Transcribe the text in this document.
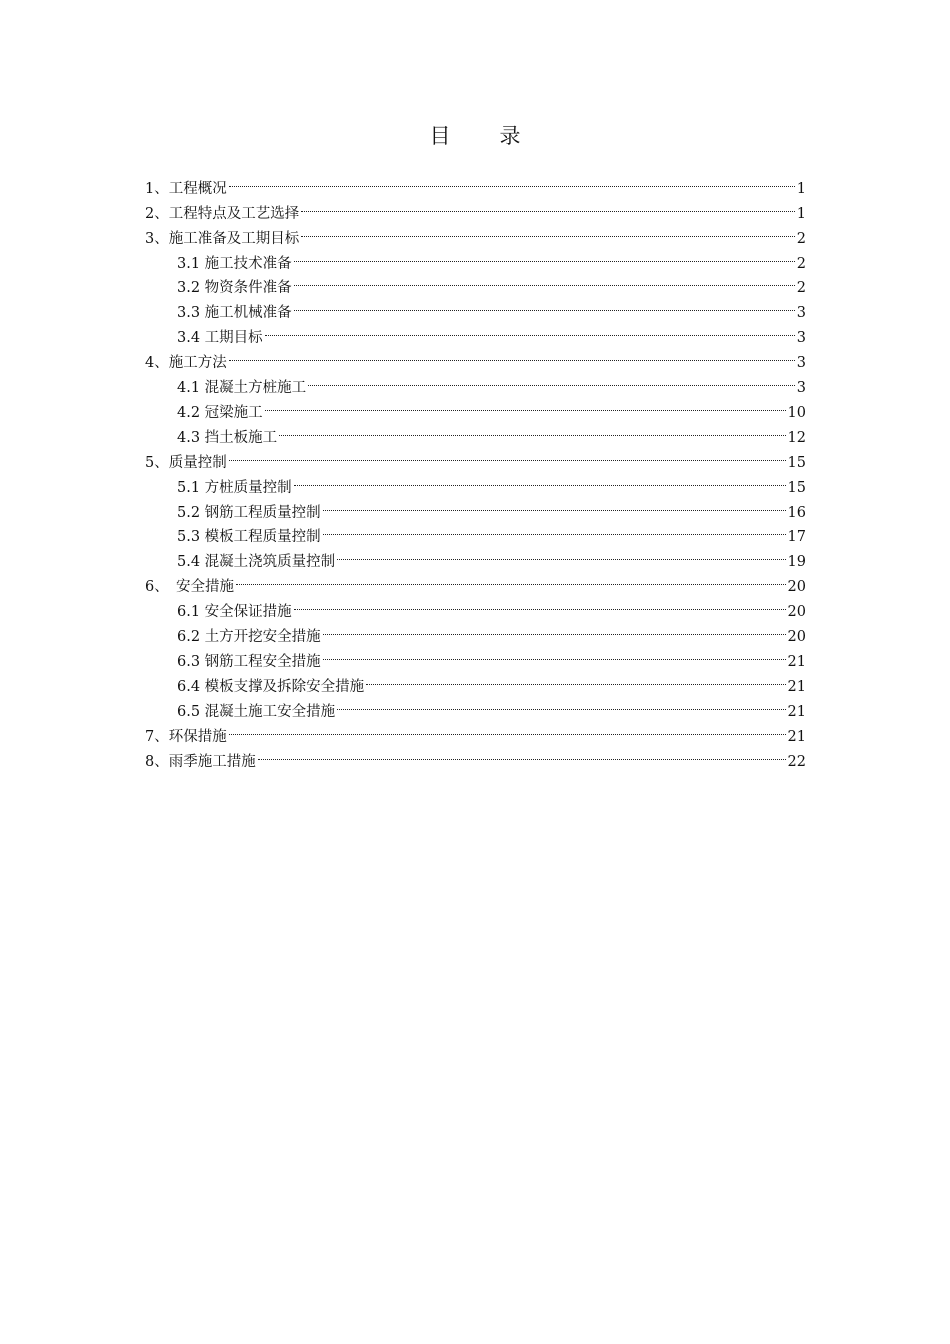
目　录
1、工程概况	1
2、工程特点及工艺选择	1
3、施工准备及工期目标	2
3.1 施工技术准备	2
3.2 物资条件准备	2
3.3 施工机械准备	3
3.4 工期目标	3
4、施工方法	3
4.1 混凝土方桩施工	3
4.2 冠梁施工	10
4.3 挡土板施工	12
5、质量控制	15
5.1 方桩质量控制	15
5.2 钢筋工程质量控制	16
5.3 模板工程质量控制	17
5.4 混凝土浇筑质量控制	19
6、　安全措施	20
6.1 安全保证措施	20
6.2 土方开挖安全措施	20
6.3 钢筋工程安全措施	21
6.4 模板支撑及拆除安全措施	21
6.5 混凝土施工安全措施	21
7、环保措施	21
8、雨季施工措施	22
